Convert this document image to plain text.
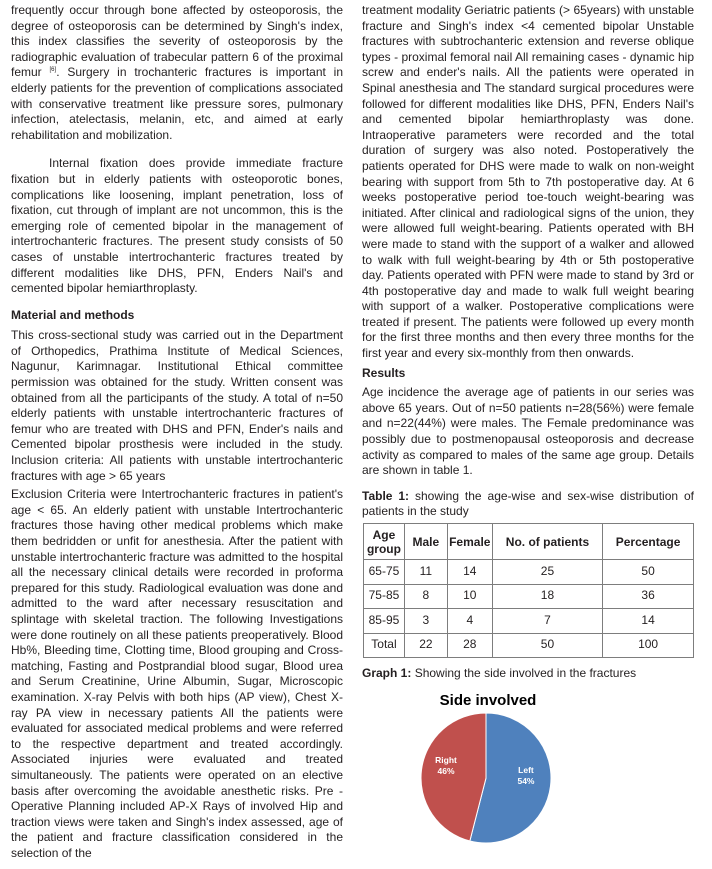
frequently occur through bone affected by osteoporosis, the degree of osteoporosis can be determined by Singh's index, this index classifies the severity of osteoporosis by the radiographic evaluation of trabecular pattern 6 of the proximal femur [6]. Surgery in trochanteric fractures is important in elderly patients for the prevention of complications associated with conservative treatment like pressure sores, pulmonary infection, atelectasis, melanin, etc, and aimed at early rehabilitation and mobilization.

Internal fixation does provide immediate fracture fixation but in elderly patients with osteoporotic bones, complications like loosening, implant penetration, loss of fixation, cut through of implant are not uncommon, this is the emerging role of cemented bipolar in the management of intertrochanteric fractures. The present study consists of 50 cases of unstable intertrochanteric fractures treated by different modalities like DHS, PFN, Enders Nail's and cemented bipolar hemiarthroplasty.

Material and methods

This cross-sectional study was carried out in the Department of Orthopedics, Prathima Institute of Medical Sciences, Nagunur, Karimnagar. Institutional Ethical committee permission was obtained for the study. Written consent was obtained from all the participants of the study. A total of n=50 elderly patients with unstable intertrochanteric fractures of femur who are treated with DHS and PFN, Ender's nails and Cemented bipolar prosthesis were included in the study. Inclusion criteria: All patients with unstable intertrochanteric fractures with age > 65 years

Exclusion Criteria were Intertrochanteric fractures in patient's age < 65. An elderly patient with unstable Intertrochanteric fractures those having other medical problems which make them bedridden or unfit for anesthesia. After the patient with unstable intertrochanteric fracture was admitted to the hospital all the necessary clinical details were recorded in proforma prepared for this study. Radiological evaluation was done and admitted to the ward after necessary resuscitation and splintage with skeletal traction. The following Investigations were done routinely on all these patients preoperatively. Blood Hb%, Bleeding time, Clotting time, Blood grouping and Cross-matching, Fasting and Postprandial blood sugar, Blood urea and Serum Creatinine, Urine Albumin, Sugar, Microscopic examination. X-ray Pelvis with both hips (AP view), Chest X-ray PA view in necessary patients All the patients were evaluated for associated medical problems and were referred to the respective department and treated accordingly. Associated injuries were evaluated and treated simultaneously. The patients were operated on an elective basis after overcoming the avoidable anesthetic risks. Pre - Operative Planning included AP-X Rays of involved Hip and traction views were taken and Singh's index assessed, age of the patient and fracture classification considered in the selection of the

treatment modality Geriatric patients (> 65years) with unstable fracture and Singh's index <4 cemented bipolar Unstable fractures with subtrochanteric extension and reverse oblique types - proximal femoral nail All remaining cases - dynamic hip screw and ender's nails. All the patients were operated in Spinal anesthesia and The standard surgical procedures were followed for different modalities like DHS, PFN, Enders Nail's and cemented bipolar hemiarthroplasty was done. Intraoperative parameters were recorded and the total duration of surgery was also noted. Postoperatively the patients operated for DHS were made to walk on non-weight bearing with support from 5th to 7th postoperative day. At 6 weeks postoperative period toe-touch weight-bearing was initiated. After clinical and radiological signs of the union, they were allowed full weight-bearing. Patients operated with BH were made to stand with the support of a walker and allowed to walk with full weight-bearing by 4th or 5th postoperative day. Patients operated with PFN were made to stand by 3rd or 4th postoperative day and made to walk full weight bearing with support of a walker. Postoperative complications were treated if present. The patients were followed up every month for the first three months and then every three months for the first year and every six-monthly from then onwards.

Results

Age incidence the average age of patients in our series was above 65 years. Out of n=50 patients n=28(56%) were female and n=22(44%) were males. The Female predominance was possibly due to postmenopausal osteoporosis and decrease activity as compared to males of the same age group. Details are shown in table 1.

Table 1: showing the age-wise and sex-wise distribution of patients in the study

Age group	Male	Female	No. of patients	Percentage
65-75	11	14	25	50
75-85	8	10	18	36
85-95	3	4	7	14
Total	22	28	50	100

Graph 1: Showing the side involved in the fractures

Side involved
Left
54%
Right
46%
